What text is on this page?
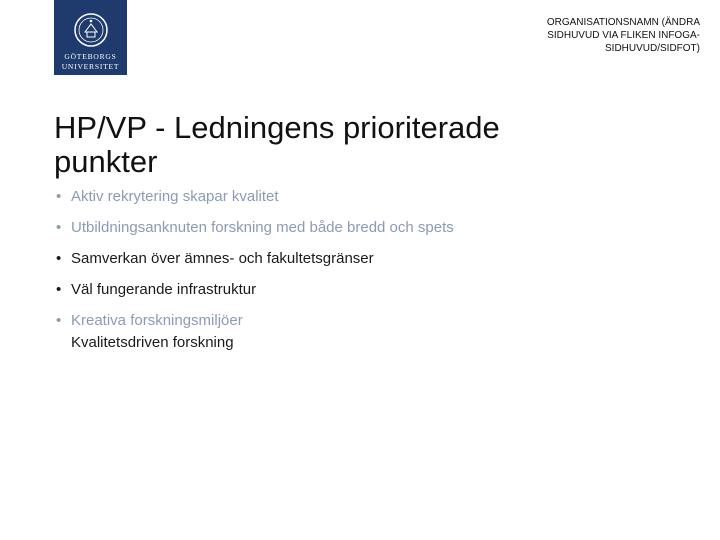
GÖTEBORGS
UNIVERSITET
ORGANISATIONSNAMN (ÄNDRA
SIDHUVUD VIA FLIKEN INFOGA-
SIDHUVUD/SIDFOT)
HP/VP - Ledningens prioriterade
punkter
• Aktiv rekrytering skapar kvalitet
• Utbildningsanknuten forskning med både bredd och spets
• Samverkan över ämnes- och fakultetsgränser
• Väl fungerande infrastruktur
• Kreativa forskningsmiljöer
Kvalitetsdriven forskning
